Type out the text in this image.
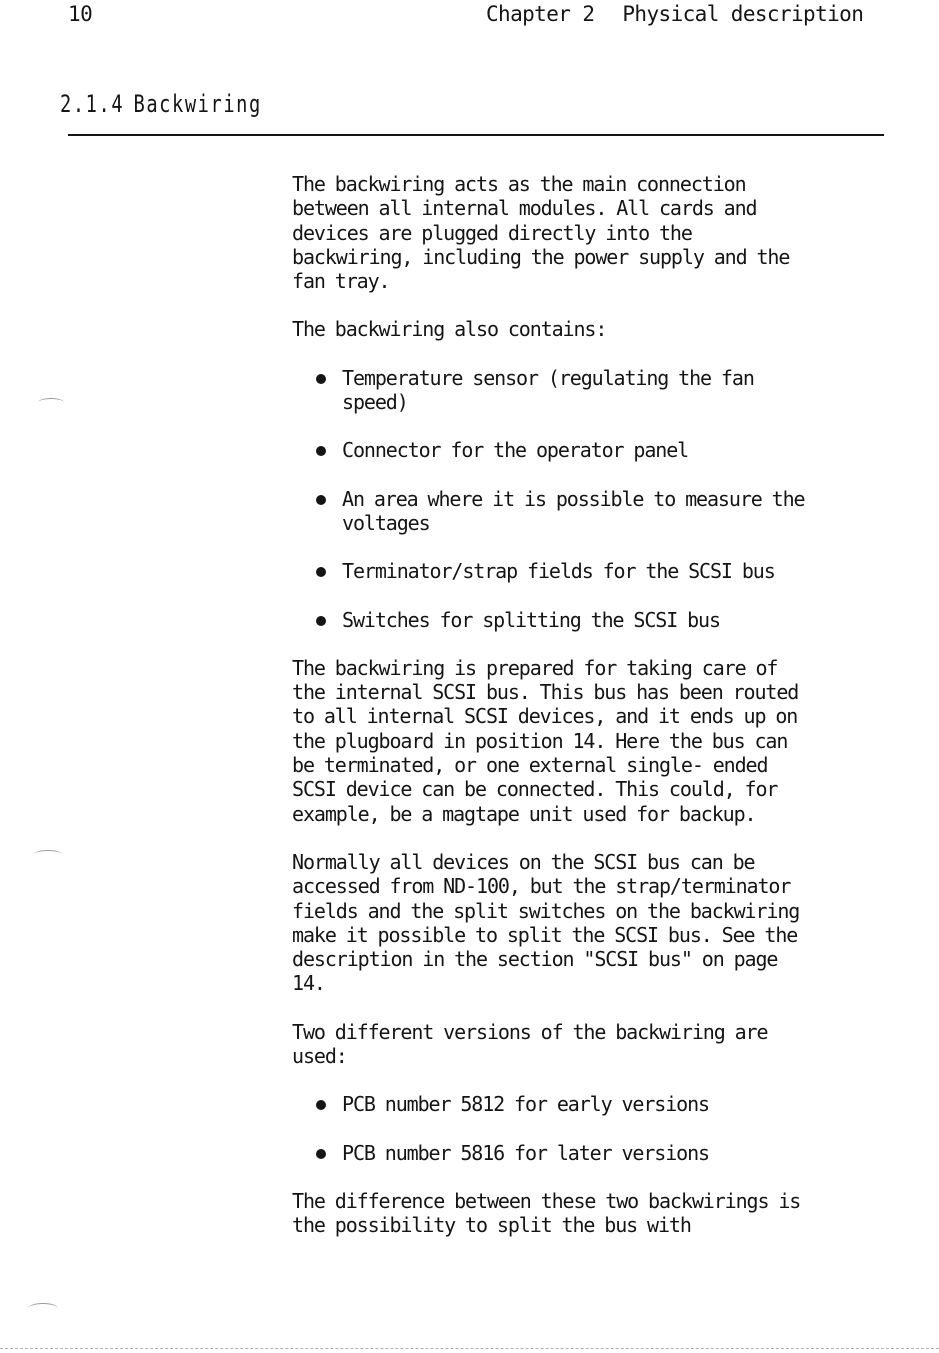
10	Chapter 2 Physical description
2.1.4 Backwiring
The backwiring acts as the main connection
between all internal modules. All cards and
devices are plugged directly into the
backwiring, including the power supply and the
fan tray.
The backwiring also contains:
Temperature sensor (regulating the fan
speed)
Connector for the operator panel
An area where it is possible to measure the
voltages
Terminator/strap fields for the SCSI bus
Switches for splitting the SCSI bus
The backwiring is prepared for taking care of
the internal SCSI bus. This bus has been routed
to all internal SCSI devices, and it ends up on
the plugboard in position 14. Here the bus can
be terminated, or one external single- ended
SCSI device can be connected. This could, for
example, be a magtape unit used for backup.
Normally all devices on the SCSI bus can be
accessed from ND-100, but the strap/terminator
fields and the split switches on the backwiring
make it possible to split the SCSI bus. See the
description in the section "SCSI bus" on page
14.
Two different versions of the backwiring are
used:
PCB number 5812 for early versions
PCB number 5816 for later versions
The difference between these two backwirings is
the possibility to split the bus with
